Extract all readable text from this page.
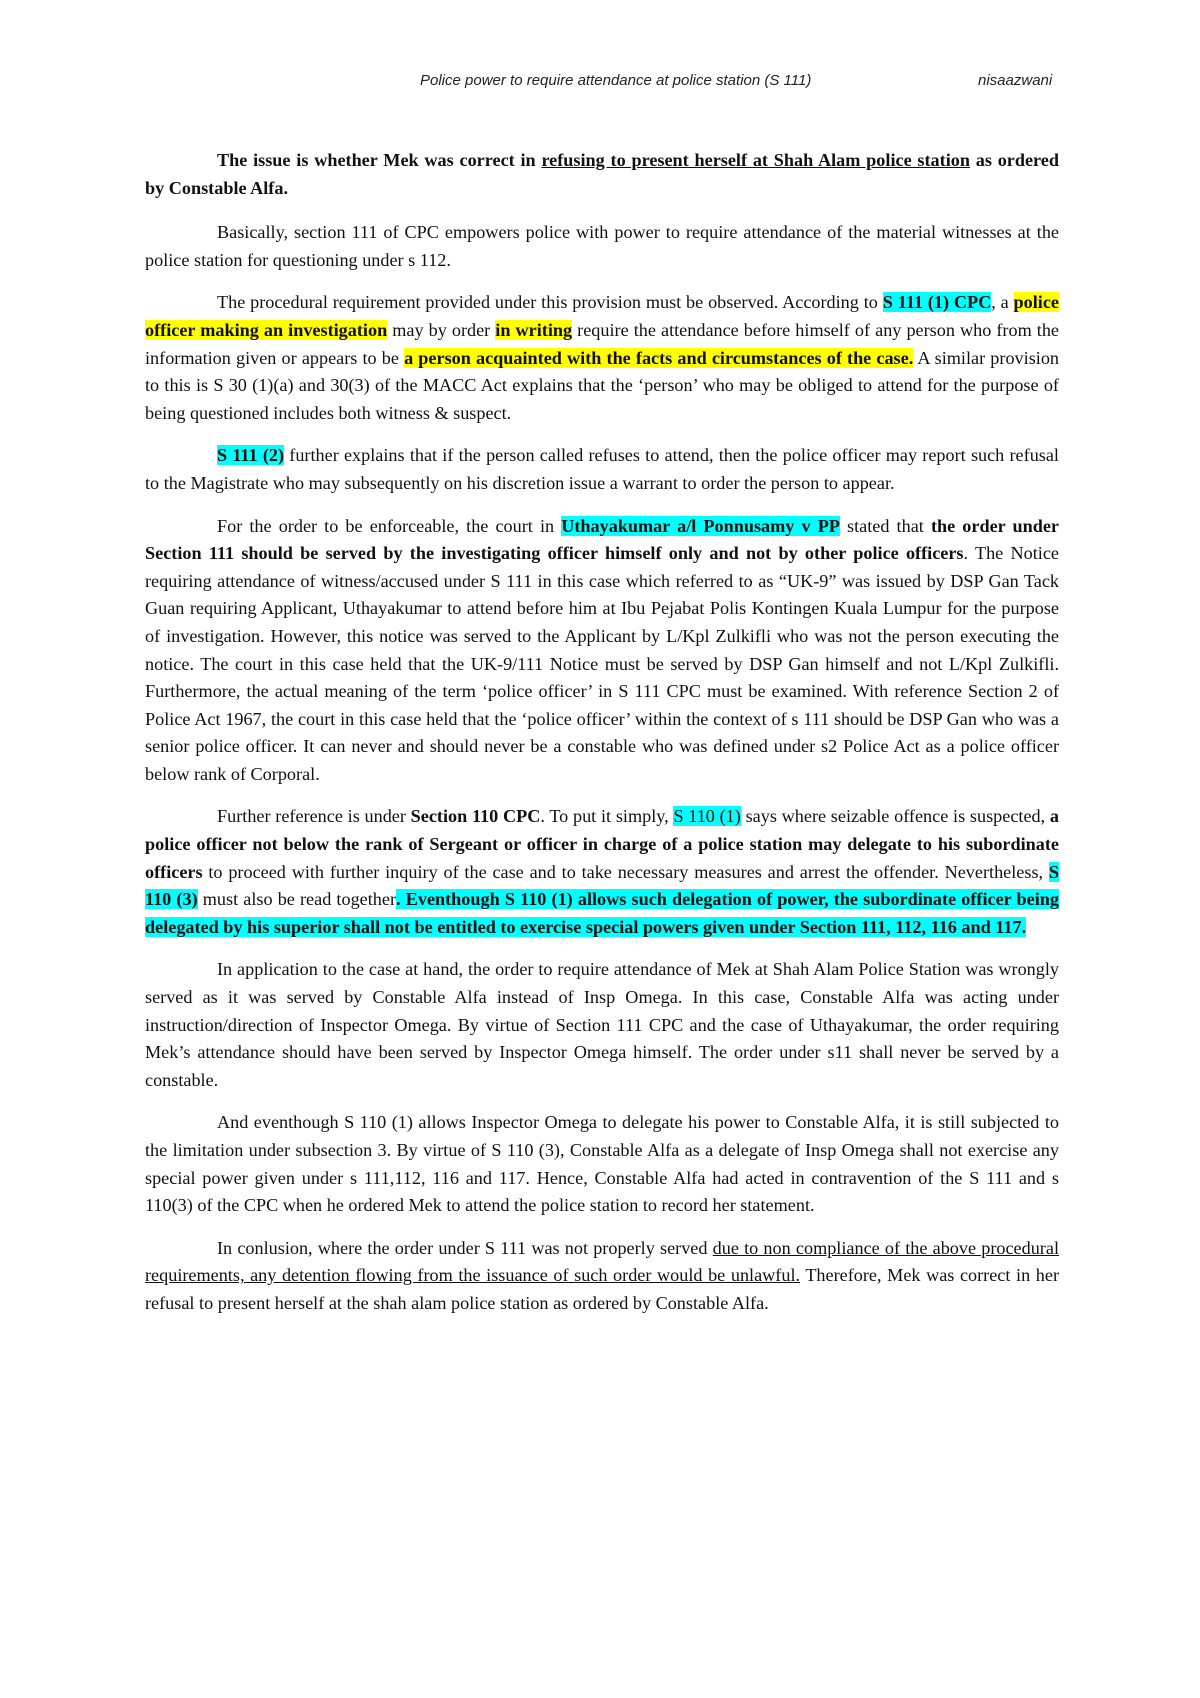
Police power to require attendance at police station (S 111)	nisaazwani

The issue is whether Mek was correct in refusing to present herself at Shah Alam police station as ordered by Constable Alfa.

Basically, section 111 of CPC empowers police with power to require attendance of the material witnesses at the police station for questioning under s 112.

The procedural requirement provided under this provision must be observed. According to S 111 (1) CPC, a police officer making an investigation may by order in writing require the attendance before himself of any person who from the information given or appears to be a person acquainted with the facts and circumstances of the case. A similar provision to this is S 30 (1)(a) and 30(3) of the MACC Act explains that the ‘person’ who may be obliged to attend for the purpose of being questioned includes both witness & suspect.

S 111 (2) further explains that if the person called refuses to attend, then the police officer may report such refusal to the Magistrate who may subsequently on his discretion issue a warrant to order the person to appear.

For the order to be enforceable, the court in Uthayakumar a/l Ponnusamy v PP stated that the order under Section 111 should be served by the investigating officer himself only and not by other police officers. The Notice requiring attendance of witness/accused under S 111 in this case which referred to as “UK-9” was issued by DSP Gan Tack Guan requiring Applicant, Uthayakumar to attend before him at Ibu Pejabat Polis Kontingen Kuala Lumpur for the purpose of investigation. However, this notice was served to the Applicant by L/Kpl Zulkifli who was not the person executing the notice. The court in this case held that the UK-9/111 Notice must be served by DSP Gan himself and not L/Kpl Zulkifli. Furthermore, the actual meaning of the term ‘police officer’ in S 111 CPC must be examined. With reference Section 2 of Police Act 1967, the court in this case held that the ‘police officer’ within the context of s 111 should be DSP Gan who was a senior police officer. It can never and should never be a constable who was defined under s2 Police Act as a police officer below rank of Corporal.

Further reference is under Section 110 CPC. To put it simply, S 110 (1) says where seizable offence is suspected, a police officer not below the rank of Sergeant or officer in charge of a police station may delegate to his subordinate officers to proceed with further inquiry of the case and to take necessary measures and arrest the offender. Nevertheless, S 110 (3) must also be read together. Eventhough S 110 (1) allows such delegation of power, the subordinate officer being delegated by his superior shall not be entitled to exercise special powers given under Section 111, 112, 116 and 117.

In application to the case at hand, the order to require attendance of Mek at Shah Alam Police Station was wrongly served as it was served by Constable Alfa instead of Insp Omega. In this case, Constable Alfa was acting under instruction/direction of Inspector Omega. By virtue of Section 111 CPC and the case of Uthayakumar, the order requiring Mek’s attendance should have been served by Inspector Omega himself. The order under s11 shall never be served by a constable.

And eventhough S 110 (1) allows Inspector Omega to delegate his power to Constable Alfa, it is still subjected to the limitation under subsection 3. By virtue of S 110 (3), Constable Alfa as a delegate of Insp Omega shall not exercise any special power given under s 111,112, 116 and 117. Hence, Constable Alfa had acted in contravention of the S 111 and s 110(3) of the CPC when he ordered Mek to attend the police station to record her statement.

In conlusion, where the order under S 111 was not properly served due to non compliance of the above procedural requirements, any detention flowing from the issuance of such order would be unlawful. Therefore, Mek was correct in her refusal to present herself at the shah alam police station as ordered by Constable Alfa.
